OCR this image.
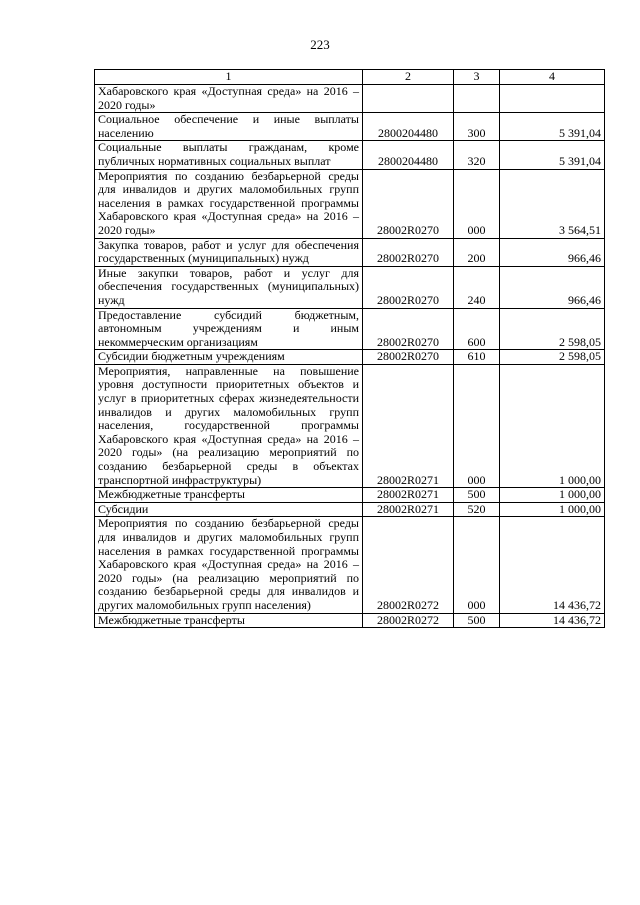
223
1	2	3	4
Хабаровского края «Доступная среда» на 2016 – 2020 годы»			
Социальное обеспечение и иные выплаты населению	2800204480	300	5 391,04
Социальные выплаты гражданам, кроме публичных нормативных социальных выплат	2800204480	320	5 391,04
Мероприятия по созданию безбарьерной среды для инвалидов и других маломобильных групп населения в рамках государственной программы Хабаровского края «Доступная среда» на 2016 – 2020 годы»	28002R0270	000	3 564,51
Закупка товаров, работ и услуг для обеспечения государственных (муниципальных) нужд	28002R0270	200	966,46
Иные закупки товаров, работ и услуг для обеспечения государственных (муниципальных) нужд	28002R0270	240	966,46
Предоставление субсидий бюджетным, автономным учреждениям и иным некоммерческим организациям	28002R0270	600	2 598,05
Субсидии бюджетным учреждениям	28002R0270	610	2 598,05
Мероприятия, направленные на повышение уровня доступности приоритетных объектов и услуг в приоритетных сферах жизнедеятельности инвалидов и других маломобильных групп населения, государственной программы Хабаровского края «Доступная среда» на 2016 – 2020 годы» (на реализацию мероприятий по созданию безбарьерной среды в объектах транспортной инфраструктуры)	28002R0271	000	1 000,00
Межбюджетные трансферты	28002R0271	500	1 000,00
Субсидии	28002R0271	520	1 000,00
Мероприятия по созданию безбарьерной среды для инвалидов и других маломобильных групп населения в рамках государственной программы Хабаровского края «Доступная среда» на 2016 – 2020 годы» (на реализацию мероприятий по созданию безбарьерной среды для инвалидов и других маломобильных групп населения)	28002R0272	000	14 436,72
Межбюджетные трансферты	28002R0272	500	14 436,72
